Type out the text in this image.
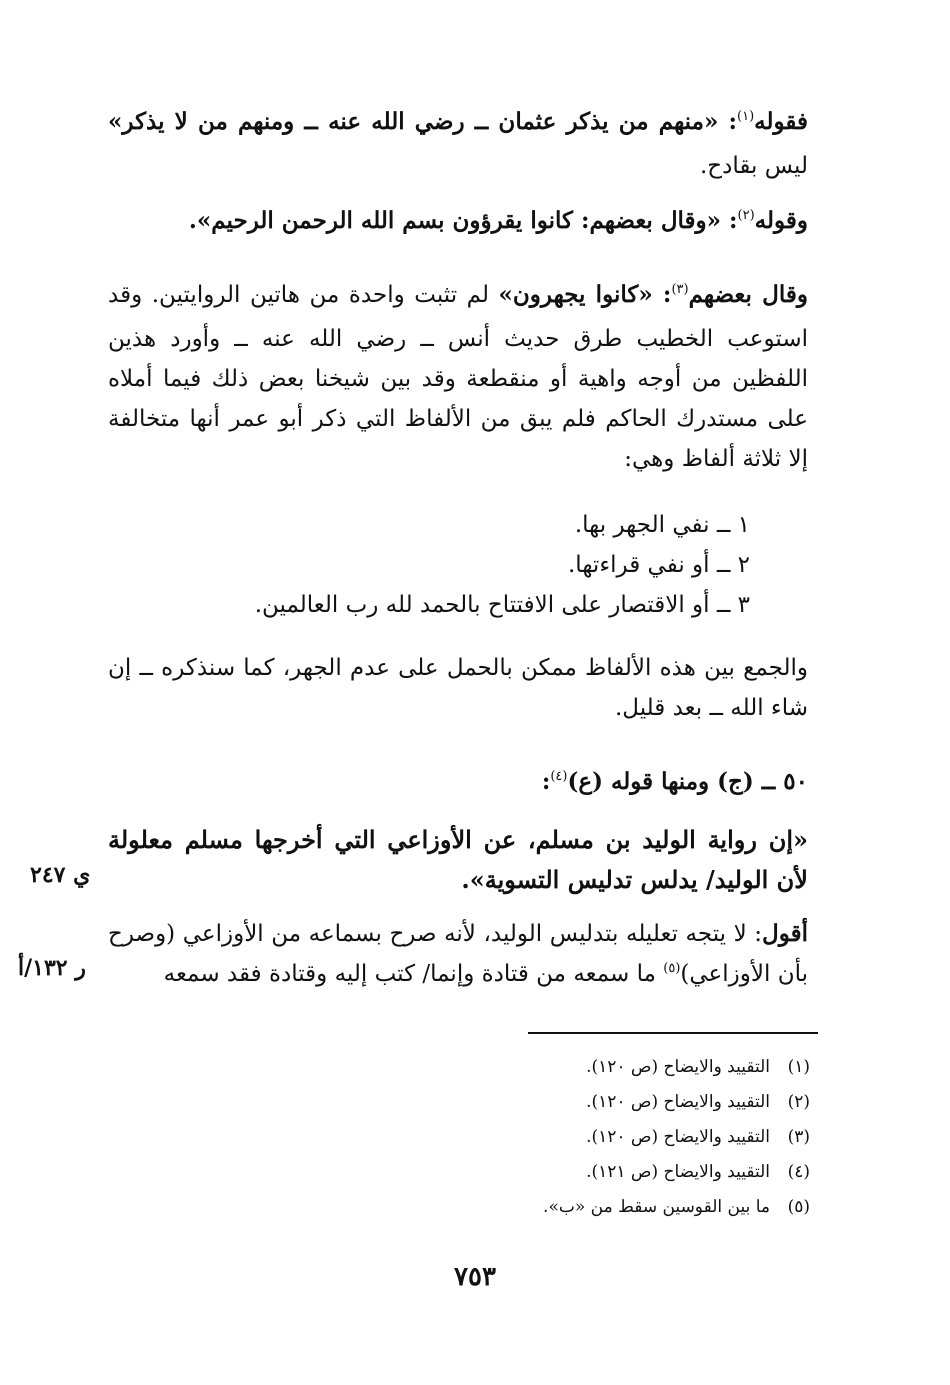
فقوله$^{(١)}$: «منهم من يذكر عثمان ــ رضي الله عنه ــ ومنهم من لا يذكر» ليس بقادح.
وقوله$^{(٢)}$: «وقال بعضهم: كانوا يقرؤون بسم الله الرحمن الرحيم».
وقال بعضهم$^{(٣)}$: «كانوا يجهرون» لم تثبت واحدة من هاتين الروايتين. وقد استوعب الخطيب طرق حديث أنس ــ رضي الله عنه ــ وأورد هذين اللفظين من أوجه واهية أو منقطعة وقد بين شيخنا بعض ذلك فيما أملاه على مستدرك الحاكم فلم يبق من الألفاظ التي ذكر أبو عمر أنها متخالفة إلا ثلاثة ألفاظ وهي:
١ ــ نفي الجهر بها.
٢ ــ أو نفي قراءتها.
٣ ــ أو الاقتصار على الافتتاح بالحمد لله رب العالمين.
والجمع بين هذه الألفاظ ممكن بالحمل على عدم الجهر، كما سنذكره ــ إن شاء الله ــ بعد قليل.
٥٠ ــ (ج) ومنها قوله (ع)$^{(٤)}$:
«إن رواية الوليد بن مسلم، عن الأوزاعي التي أخرجها مسلم معلولة لأن الوليد/ يدلس تدليس التسوية».
ي ٢٤٧
أقول: لا يتجه تعليله بتدليس الوليد، لأنه صرح بسماعه من الأوزاعي (وصرح بأن الأوزاعي)$^{(٥)}$ ما سمعه من قتادة وإنما/ كتب إليه وقتادة فقد سمعه
ر ١٣٢/أ
(١)التقييد والايضاح (ص ١٢٠).
(٢)التقييد والايضاح (ص ١٢٠).
(٣)التقييد والايضاح (ص ١٢٠).
(٤)التقييد والايضاح (ص ١٢١).
(٥)ما بين القوسين سقط من «ب».
٧٥٣
